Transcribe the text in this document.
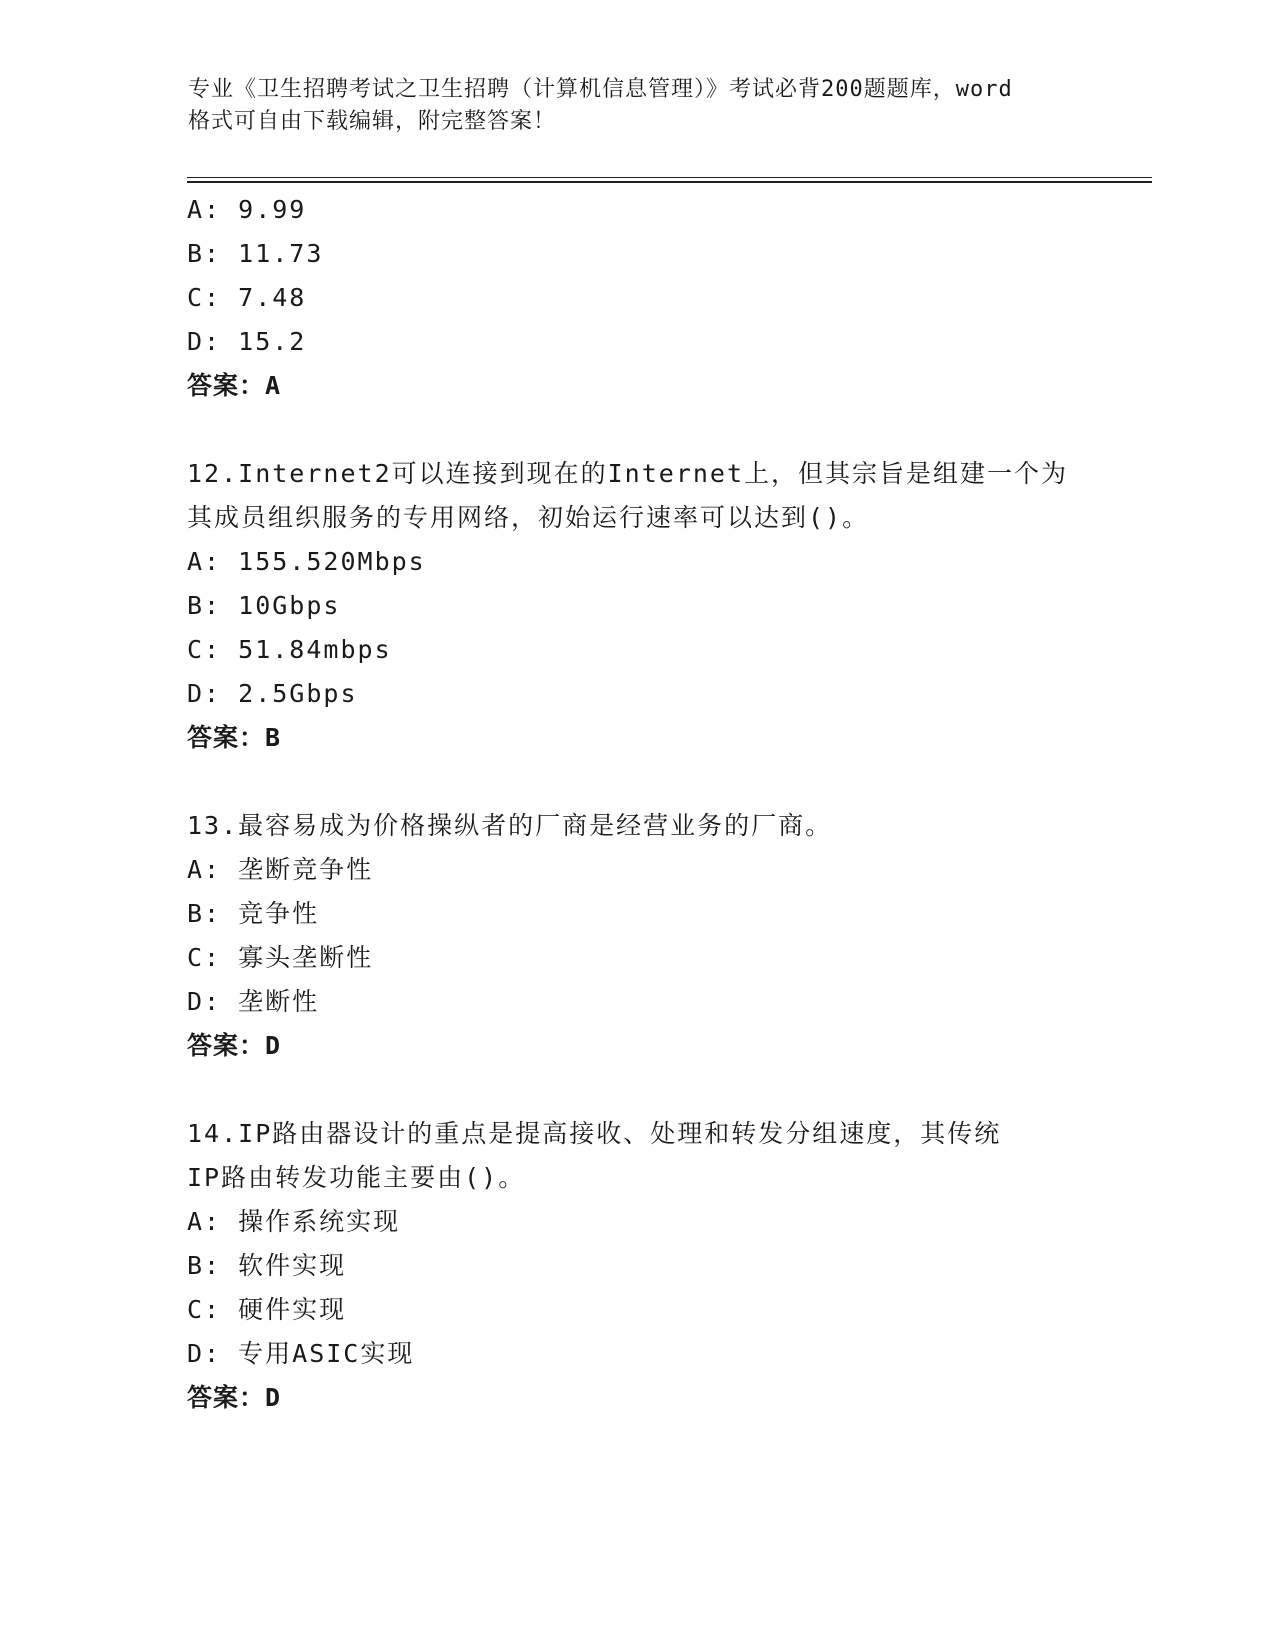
专业《卫生招聘考试之卫生招聘（计算机信息管理）》考试必背200题题库，word
格式可自由下载编辑，附完整答案！
A: 9.99
B: 11.73
C: 7.48
D: 15.2
答案：A
12.Internet2可以连接到现在的Internet上，但其宗旨是组建一个为
其成员组织服务的专用网络，初始运行速率可以达到()。
A: 155.520Mbps
B: 10Gbps
C: 51.84mbps
D: 2.5Gbps
答案：B
13.最容易成为价格操纵者的厂商是经营业务的厂商。
A: 垄断竞争性
B: 竞争性
C: 寡头垄断性
D: 垄断性
答案：D
14.IP路由器设计的重点是提高接收、处理和转发分组速度，其传统
IP路由转发功能主要由()。
A: 操作系统实现
B: 软件实现
C: 硬件实现
D: 专用ASIC实现
答案：D
